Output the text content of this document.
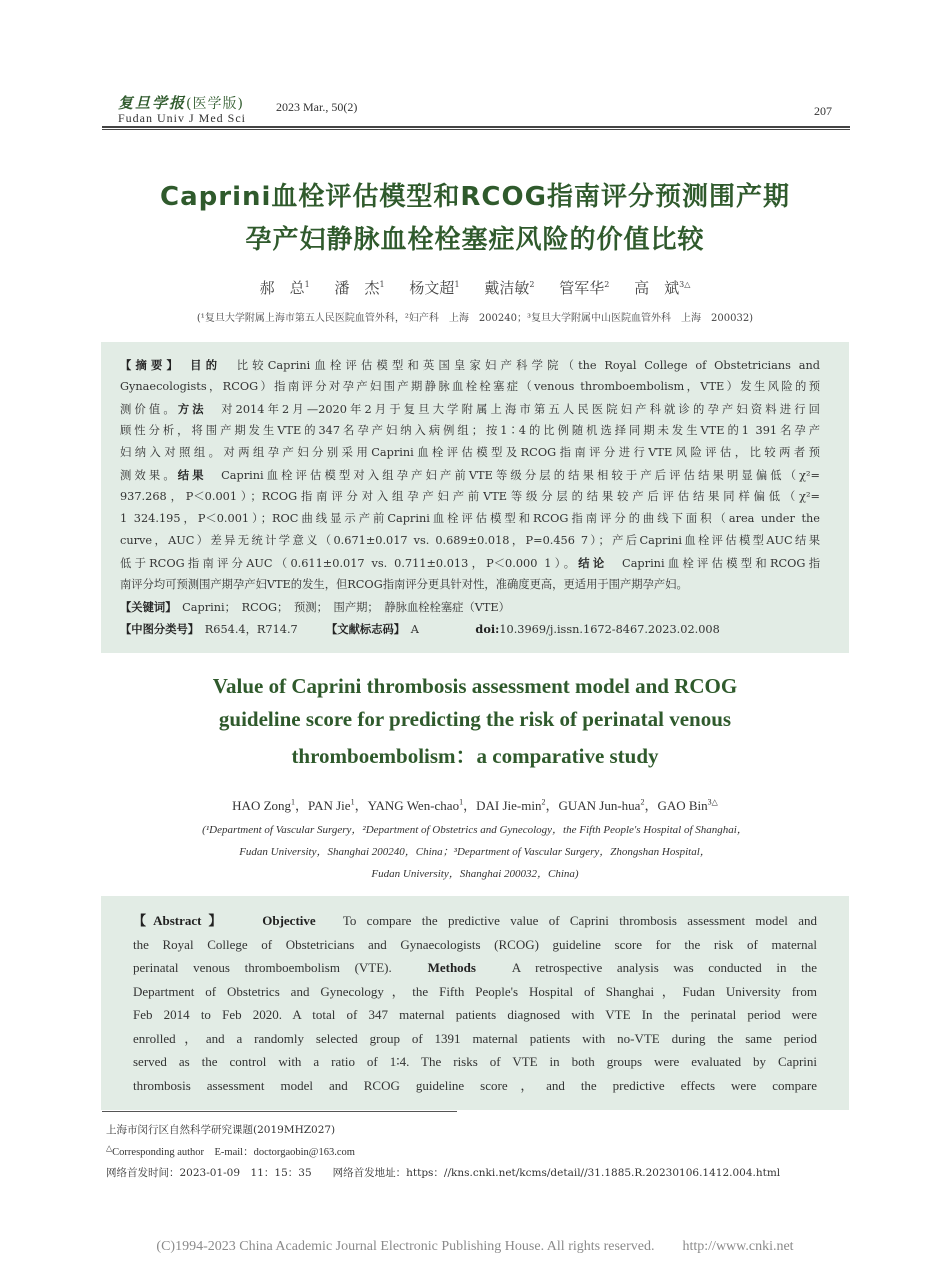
复旦学报(医学版)
Fudan Univ J Med Sci
2023 Mar., 50(2)	207
Caprini血栓评估模型和RCOG指南评分预测围产期
孕产妇静脉血栓栓塞症风险的价值比较
郝　总$^1$ 潘　杰$^1$ 杨文超$^1$ 戴洁敏$^2$ 管军华$^2$ 高　斌$^{3\triangle}$
(¹复旦大学附属上海市第五人民医院血管外科，²妇产科　上海　200240；³复旦大学附属中山医院血管外科　上海　200032)
【摘要】 目的　比较Caprini血栓评估模型和英国皇家妇产科学院（the Royal College of Obstetricians and
Gynaecologists，RCOG）指南评分对孕产妇围产期静脉血栓栓塞症（venous thromboembolism，VTE）发生风险的预
测价值。方法　对2014年2月—2020年2月于复旦大学附属上海市第五人民医院妇产科就诊的孕产妇资料进行回
顾性分析，将围产期发生VTE的347名孕产妇纳入病例组；按1∶4的比例随机选择同期未发生VTE的1 391名孕产
妇纳入对照组。对两组孕产妇分别采用Caprini血栓评估模型及RCOG指南评分进行VTE风险评估，比较两者预
测效果。结果　Caprini血栓评估模型对入组孕产妇产前VTE等级分层的结果相较于产后评估结果明显偏低（χ²=
937.268，P＜0.001）；RCOG指南评分对入组孕产妇产前VTE等级分层的结果较产后评估结果同样偏低（χ²=
1 324.195，P＜0.001）；ROC曲线显示产前Caprini血栓评估模型和RCOG指南评分的曲线下面积（area under the
curve，AUC）差异无统计学意义（0.671±0.017 vs. 0.689±0.018，P=0.456 7）；产后Caprini血栓评估模型AUC结果
低于RCOG指南评分AUC（0.611±0.017 vs. 0.711±0.013，P＜0.000 1）。结论　Caprini血栓评估模型和RCOG指
南评分均可预测围产期孕产妇VTE的发生，但RCOG指南评分更具针对性，准确度更高，更适用于围产期孕产妇。
【关键词】　 Caprini；　RCOG；　预测；　围产期；　静脉血栓栓塞症（VTE）
【中图分类号】　 R654.4，R714.7　　　	【文献标志码】　 A　　　　　	doi:10.3969/j.issn.1672-8467.2023.02.008
Value of Caprini thrombosis assessment model and RCOG
guideline score for predicting the risk of perinatal venous
thromboembolism：a comparative study
HAO Zong$^1$，PAN Jie$^1$，YANG Wen-chao$^1$，DAI Jie-$\min^2$，GUAN Jun-hua$^2$，GAO Bin$^{3\triangle}$
(¹Department of Vascular Surgery，²Department of Obstetrics and Gynecology，the Fifth People's Hospital of Shanghai，
Fudan University，Shanghai 200240，China；³Department of Vascular Surgery，Zhongshan Hospital，
Fudan University，Shanghai 200032，China)
【Abstract】　　Objective　To compare the predictive value of Caprini thrombosis assessment model and
the Royal College of Obstetricians and Gynaecologists (RCOG) guideline score for the risk of maternal
perinatal venous thromboembolism (VTE).　Methods　A retrospective analysis was conducted in the
Department of Obstetrics and Gynecology，the Fifth People's Hospital of Shanghai，Fudan University from
Feb 2014 to Feb 2020. A total of 347 maternal patients diagnosed with VTE In the perinatal period were
enrolled，and a randomly selected group of 1391 maternal patients with no-VTE during the same period
served as the control with a ratio of 1∶4. The risks of VTE in both groups were evaluated by Caprini
thrombosis assessment model and RCOG guideline score，and the predictive effects were compare
上海市闵行区自然科学研究课题(2019MHZ027)
△Corresponding author　E-mail：doctorgaobin@163.com
网络首发时间：2023-01-09　11：15：35　　 网络首发地址：https：//kns.cnki.net/kcms/detail//31.1885.R.20230106.1412.004.html
(C)1994-2023 China Academic Journal Electronic Publishing House. All rights reserved.　　http://www.cnki.net
